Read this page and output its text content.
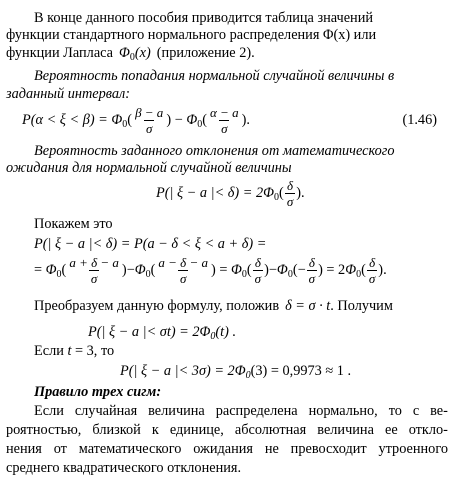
В конце данного пособия приводится таблица значений
функции стандартного нормального распределения Φ(x) или
функции Лапласа $\Phi_0(x)$ (приложение 2).
Вероятность попадания нормальной случайной величины в
заданный интервал:
$P(\alpha < \xi < \beta) = \Phi_0( \frac{\beta - a}{\sigma}$ ) − $\Phi_0( \frac{\alpha - a}{\sigma}$ ).	(1.46)
Вероятность заданного отклонения от математического
ожидания для нормальной случайной величины
P(| ξ − a |< $\delta) = 2\Phi_0( \frac{\delta}{\sigma}$ ).
Покажем это
P(| ξ − a |< δ) = P(a − δ < ξ < a + δ) =
= $\Phi_0( \frac{a + \delta - a}{\sigma} )-\Phi_0( \frac{a - \delta - a}{\sigma}$ ) = $\Phi_0( \frac{\delta}{\sigma} )-\Phi_0(- \frac{\delta}{\sigma}$ ) = $2\Phi_0( \frac{\delta}{\sigma}$ ).
Преобразуем данную формулу, положив δ = σ · t. Получим
P(| ξ − a |< $\sigma t) = 2\Phi_0(t)$ .
Если t = 3, то
P(| ξ − a |< $3\sigma) = 2\Phi_0(3) = 0,9973 \approx 1$ .
Правило трех сигм:
Если случайная величина распределена нормально, то с ве-
роятностью, близкой к единице, абсолютная величина ее откло-
нения от математического ожидания не превосходит утроенного
среднего квадратического отклонения.
